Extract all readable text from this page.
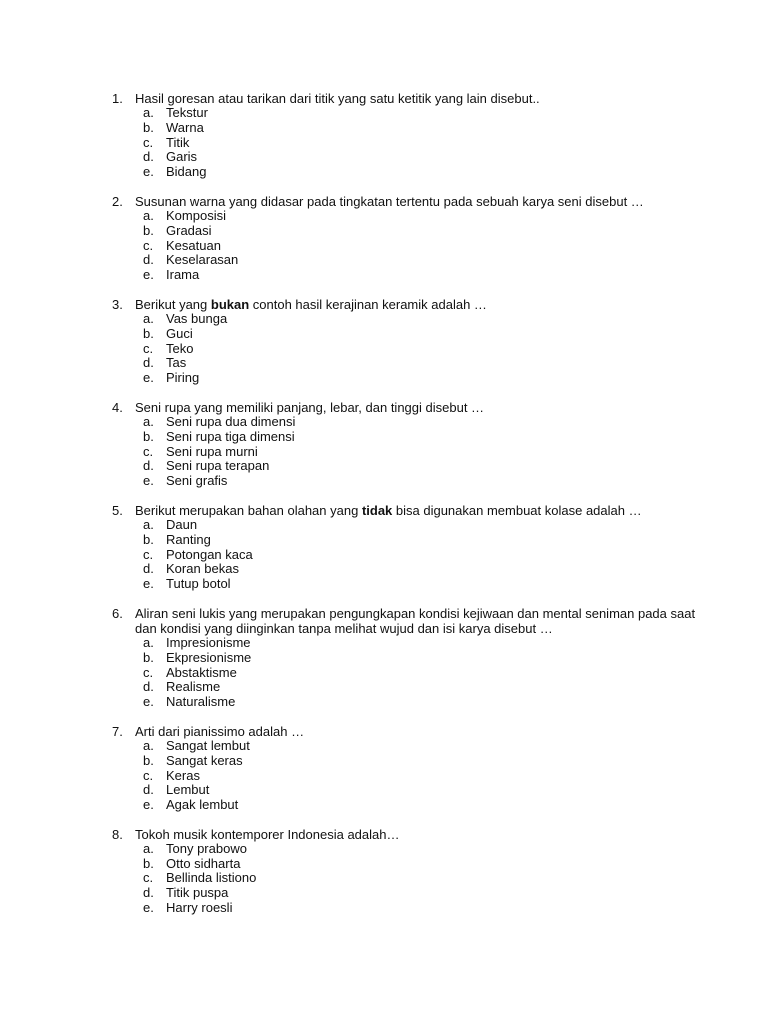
1. Hasil goresan atau tarikan dari titik yang satu ketitik yang lain disebut..
a. Tekstur
b. Warna
c. Titik
d. Garis
e. Bidang
2. Susunan warna yang didasar pada tingkatan tertentu pada sebuah karya seni disebut …
a. Komposisi
b. Gradasi
c. Kesatuan
d. Keselarasan
e. Irama
3. Berikut yang bukan contoh hasil kerajinan keramik adalah …
a. Vas bunga
b. Guci
c. Teko
d. Tas
e. Piring
4. Seni rupa yang memiliki panjang, lebar, dan tinggi disebut …
a. Seni rupa dua dimensi
b. Seni rupa tiga dimensi
c. Seni rupa murni
d. Seni rupa terapan
e. Seni grafis
5. Berikut merupakan bahan olahan yang tidak bisa digunakan membuat kolase adalah …
a. Daun
b. Ranting
c. Potongan kaca
d. Koran bekas
e. Tutup botol
6. Aliran seni lukis yang merupakan pengungkapan kondisi kejiwaan dan mental seniman pada saat dan kondisi yang diinginkan tanpa melihat wujud dan isi karya disebut …
a. Impresionisme
b. Ekpresionisme
c. Abstaktisme
d. Realisme
e. Naturalisme
7. Arti dari pianissimo adalah …
a. Sangat lembut
b. Sangat keras
c. Keras
d. Lembut
e. Agak lembut
8. Tokoh musik kontemporer Indonesia adalah…
a. Tony prabowo
b. Otto sidharta
c. Bellinda listiono
d. Titik puspa
e. Harry roesli
